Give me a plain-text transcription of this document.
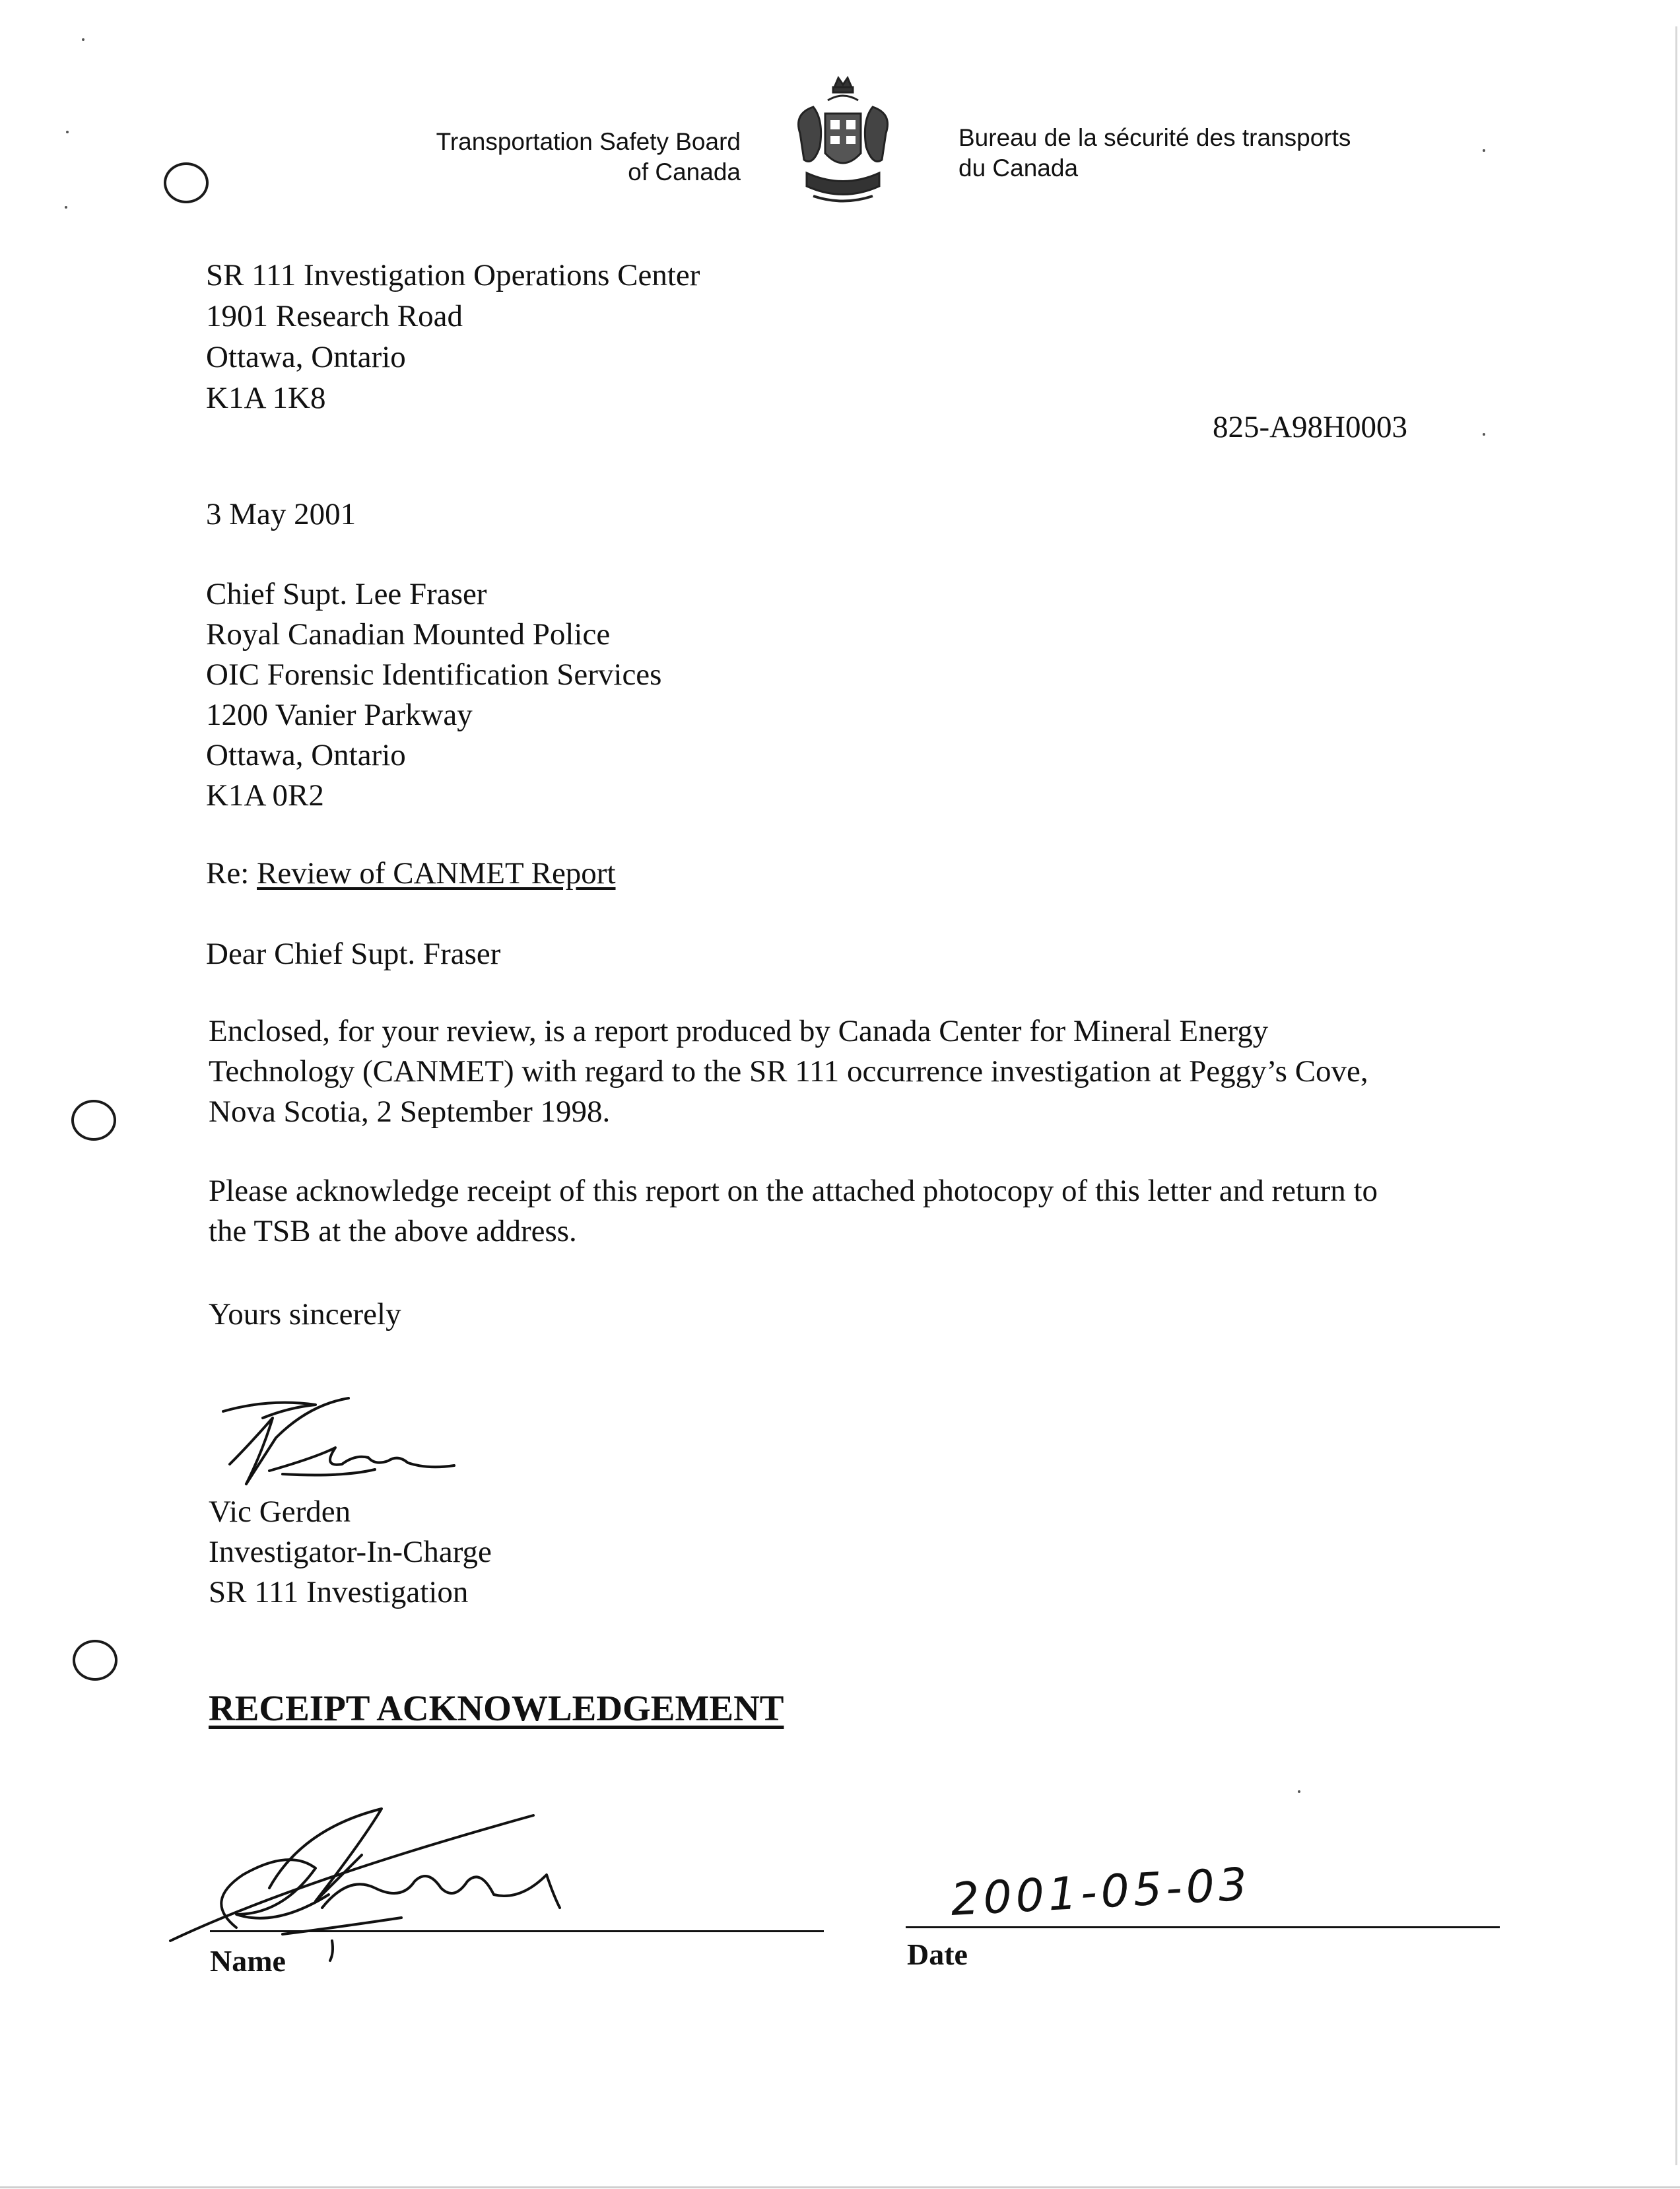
Transportation Safety Board
of Canada
Bureau de la sécurité des transports
du Canada
SR 111 Investigation Operations Center
1901 Research Road
Ottawa, Ontario
K1A 1K8
825-A98H0003
3 May 2001
Chief Supt. Lee Fraser
Royal Canadian Mounted Police
OIC Forensic Identification Services
1200 Vanier Parkway
Ottawa, Ontario
K1A 0R2
Re: Review of CANMET Report
Dear Chief Supt. Fraser
Enclosed, for your review, is a report produced by Canada Center for Mineral Energy
Technology (CANMET) with regard to the SR 111 occurrence investigation at Peggy’s Cove,
Nova Scotia, 2 September 1998.
Please acknowledge receipt of this report on the attached photocopy of this letter and return to
the TSB at the above address.
Yours sincerely
Vic Gerden
Investigator-In-Charge
SR 111 Investigation
RECEIPT ACKNOWLEDGEMENT
Name
2001-05-03
Date
